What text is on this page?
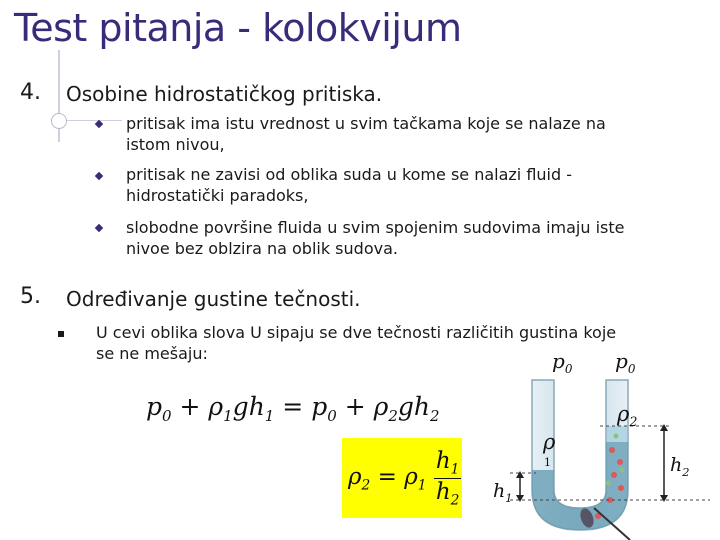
Test pitanja - kolokvijum
4. Osobine hidrostatičkog pritiska.
pritisak ima istu vrednost u svim tačkama koje se nalaze na
istom nivou,
pritisak ne zavisi od oblika suda u kome se nalazi fluid -
hidrostatički paradoks,
slobodne površine fluida u svim spojenim sudovima imaju iste
nivoe bez oblzira na oblik sudova.
5. Određivanje gustine tečnosti.
U cevi oblika slova U sipaju se dve tečnosti različitih gustina koje
se ne mešaju:
$p_0 + \rho_1gh_1 = p_0 + \rho_2gh_2$
$\rho_2 = \rho_1 \frac{h_1}{h_2}$
$p_0$ $p_0$
$\rho_2$
ρ
1
$h_1$
$h_2$
